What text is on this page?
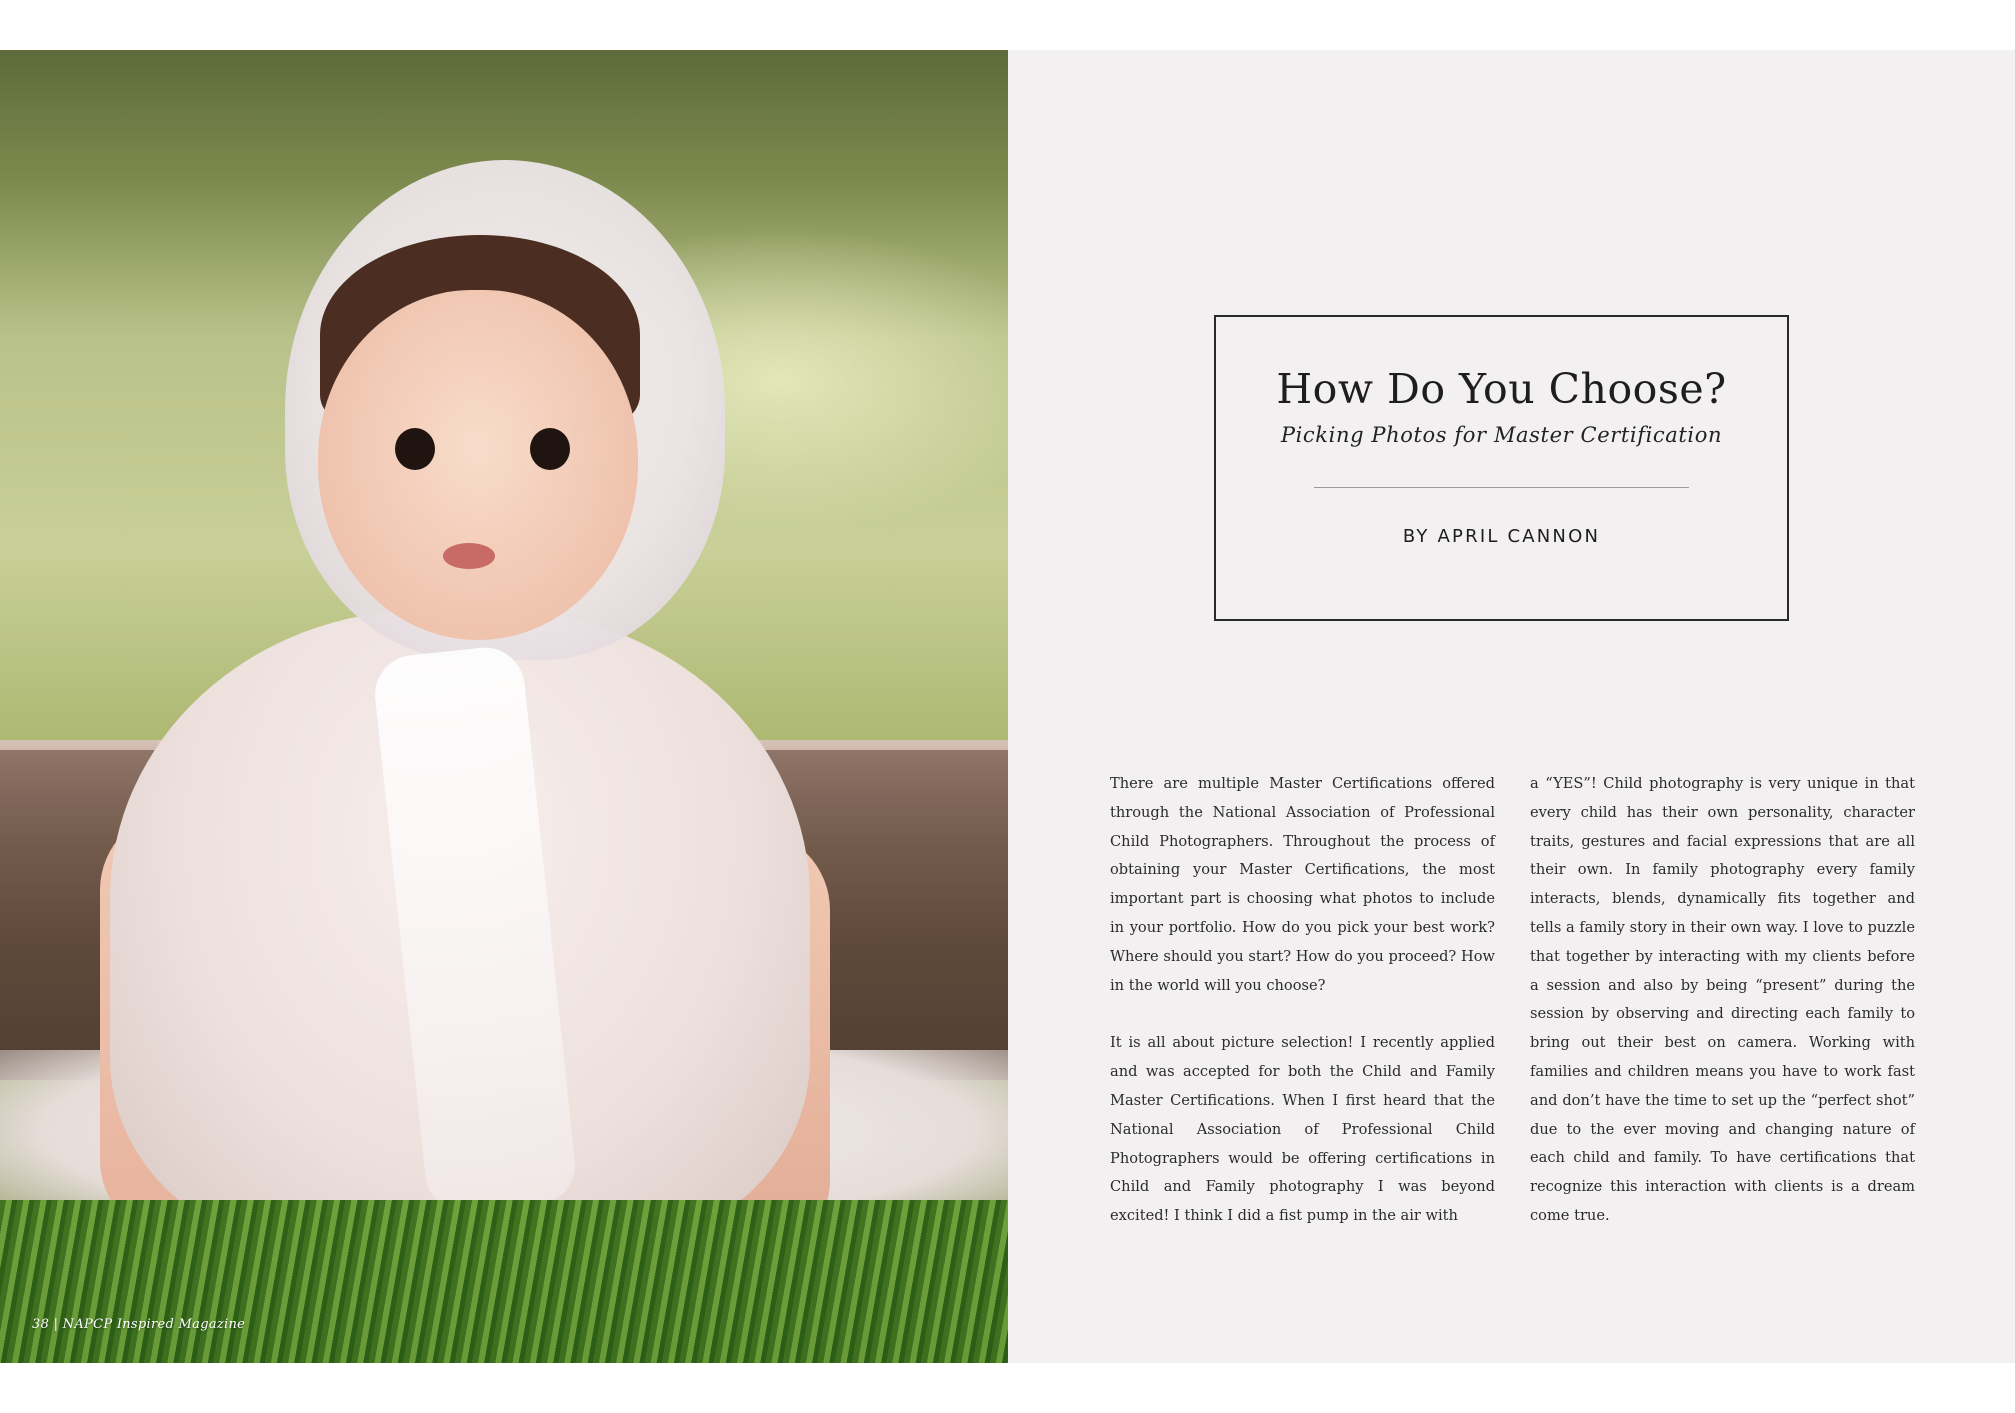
38 | NAPCP Inspired Magazine
How Do You Choose?
Picking Photos for Master Certification
BY APRIL CANNON

There are multiple Master Certifications offered through the National Association of Professional Child Photographers. Throughout the process of obtaining your Master Certifications, the most important part is choosing what photos to include in your portfolio. How do you pick your best work? Where should you start? How do you proceed? How in the world will you choose?

It is all about picture selection! I recently applied and was accepted for both the Child and Family Master Certifications. When I first heard that the National Association of Professional Child Photographers would be offering certifications in Child and Family photography I was beyond excited! I think I did a fist pump in the air with

a “YES”! Child photography is very unique in that every child has their own personality, character traits, gestures and facial expressions that are all their own. In family photography every family interacts, blends, dynamically fits together and tells a family story in their own way. I love to puzzle that together by interacting with my clients before a session and also by being “present” during the session by observing and directing each family to bring out their best on camera. Working with families and children means you have to work fast and don’t have the time to set up the “perfect shot” due to the ever moving and changing nature of each child and family. To have certifications that recognize this interaction with clients is a dream come true.
